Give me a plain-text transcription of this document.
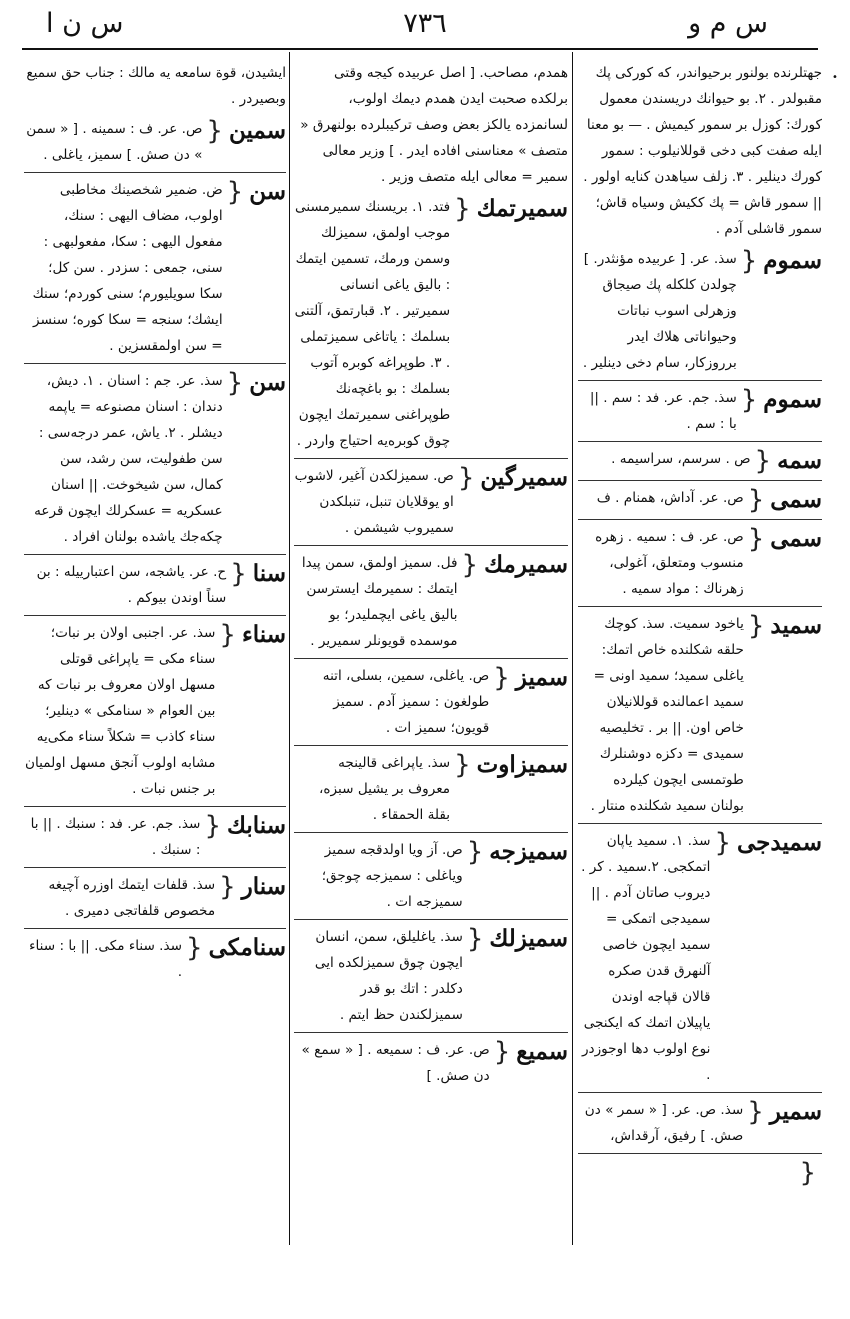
س م و
٧٣٦
س ن ا
•
جهتلرنده بولنور برحیواندر، که کورکی پك مقبولدر . ۲. بو حیوانك دریسندن معمول کورك: کوزل بر سمور کیمیش . — بو معنا ایله صفت کبی دخی قوللانیلوب : سمور کورك دینلیر . ۳. زلف سیاهدن کنایه اولور . || سمور قاش = پك ککیش وسیاه قاش؛ سمور قاشلی آدم .
سموم
{
سذ. عر. [ عربیده مؤنثدر. ] چولدن کلکله پك صیجاق وزهرلی اسوب نباتات وحیواناتی هلاك ایدر برروزکار، سام دخی دینلیر .
سموم
{
سذ. جم. عر. فد : سم . || با : سم .
سمه
{
ص . سرسم، سراسیمه .
سمی
{
ص. عر. آداش، همنام . ف
سمی
{
ص. عر. ف : سمیه . زهره منسوب ومتعلق، آغولی، زهرناك : مواد سمیه .
سمید
{
یاخود سمیت. سذ. کوچك حلقه شکلنده خاص اتمك: یاغلی سمید؛ سمید اونی = سمید اعمالنده قوللانیلان خاص اون. || بر . تخلیصیه سمیدی = دکزه دوشنلرك طوتمسی ایچون کیلرده بولنان سمید شکلنده منتار .
سمیدجی
{
سذ. ۱. سمید یاپان اتمکجی. ۲.سمید . کر . دیروب صاتان آدم . || سمیدجی اتمکی = سمید ایچون خاصی آلنهرق قدن صکره قالان قپاجه اوندن یاپیلان اتمك که ایکنجی نوع اولوب دها اوجوزدر .
سمیر
{
سذ. ص. عر. [ « سمر » دن صش. ] رفیق، آرقداش،
{
همدم، مصاحب. [ اصل عربیده کیجه وقتی برلکده صحبت ایدن همدم دیمك اولوب، لسانمزده یالکز بعض وصف ترکیبلرده بولنهرق « متصف » معناسنی افاده ایدر . ] وزیر معالی سمیر = معالی ایله متصف وزیر .
سمیرتمك
{
فتد. ۱. بریسنك سمیرمسنی موجب اولمق، سمیزلك وسمن ورمك، تسمین ایتمك : بالیق یاغی انسانی سمیرتیر . ۲. قبارتمق، آلتنی بسلمك : یاتاغی سمیزتملی . ۳. طوپراغه کوبره آتوب بسلمك : بو باغچه‌نك طوپراغنی سمیرتمك ایچون چوق کوبره‌یه احتیاج واردر .
سمیرگین
{
ص. سمیزلکدن آغیر، لاشوب او یوقلایان تنبل، تنبلکدن سمیروب شیشمن .
سمیرمك
{
فل. سمیز اولمق، سمن پیدا ایتمك : سمیرمك ایسترسن بالیق یاغی ایچملیدر؛ بو موسمده قویونلر سمیریر .
سمیز
{
ص. یاغلی، سمین، بسلی، اتنه طولغون : سمیز آدم . سمیز قویون؛ سمیز ات .
سمیزاوت
{
سذ. یاپراغی قالینجه معروف بر یشیل سبزه، بقلة الحمقاء .
سمیزجه
{
ص. آز ویا اولدقجه سمیز ویاغلی : سمیزجه چوجق؛ سمیزجه ات .
سمیزلك
{
سذ. یاغلیلق، سمن، انسان ایچون چوق سمیزلکده ایی دکلدر : اتك بو قدر سمیزلکندن حظ ایتم .
سمیع
{
ص. عر. ف : سمیعه . [ « سمع » دن صش. ]
ایشیدن، قوة سامعه یه مالك : جناب حق سمیع وبصیردر .
سمین
{
ص. عر. ف : سمینه . [ « سمن » دن صش. ] سمیز، یاغلی .
سن
{
ض. ضمیر شخصینك مخاطبی اولوب، مضاف الیهی : سنك، مفعول الیهی : سکا، مفعولبهی : سنی، جمعی : سزدر . سن کل؛ سکا سویلیورم؛ سنی کوردم؛ سنك ایشك؛ سنجه = سکا کوره؛ سنسز = سن اولمقسزین .
سن
{
سذ. عر. جم : اسنان . ۱. دیش، دندان : اسنان مصنوعه = یاپمه دیشلر . ۲. یاش، عمر درجه‌سی : سن طفولیت، سن رشد، سن کمال، سن شیخوخت. || اسنان عسکریه = عسکرلك ایچون قرعه چکه‌جك یاشده بولنان افراد .
سنا
{
ح. عر. یاشجه، سن اعتبارییله : بن سناً اوندن بیوکم .
سناء
{
سذ. عر. اجنبی اولان بر نبات؛ سناء مکی = یاپراغی قوتلی مسهل اولان معروف بر نبات که بین العوام « سنامکی » دینلیر؛ سناء کاذب = شکلاً سناء مکی‌یه مشابه اولوب آنجق مسهل اولمیان بر جنس نبات .
سنابك
{
سذ. جم. عر. فد : سنبك . || با : سنبك .
سنار
{
سذ. قلفات ایتمك اوزره آچیغه مخصوص قلفاتجی دمیری .
سنامکی
{
سذ. سناء مکی. || با : سناء .
